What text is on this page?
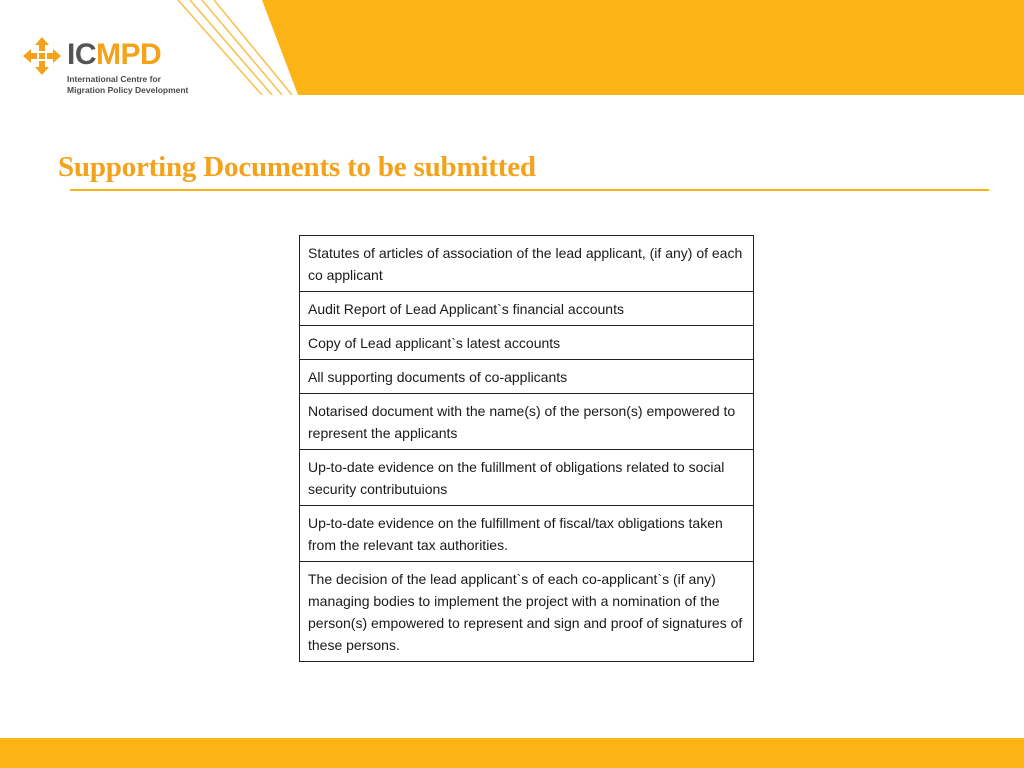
ICMPD
International Centre for
Migration Policy Development
Supporting Documents to be submitted
Statutes of articles of association of the lead applicant, (if any) of each co applicant
Audit Report of Lead Applicant`s financial accounts
Copy of Lead applicant`s latest accounts
All supporting documents of co-applicants
Notarised document with the name(s) of the person(s) empowered to represent the applicants
Up-to-date evidence on the fulillment of obligations related to social security contributuions
Up-to-date evidence on the fulfillment of fiscal/tax obligations taken from the relevant tax authorities.
The decision of the lead applicant`s of each co-applicant`s (if any) managing bodies to implement the project with a nomination of the person(s) empowered to represent and sign and proof of signatures of these persons.
